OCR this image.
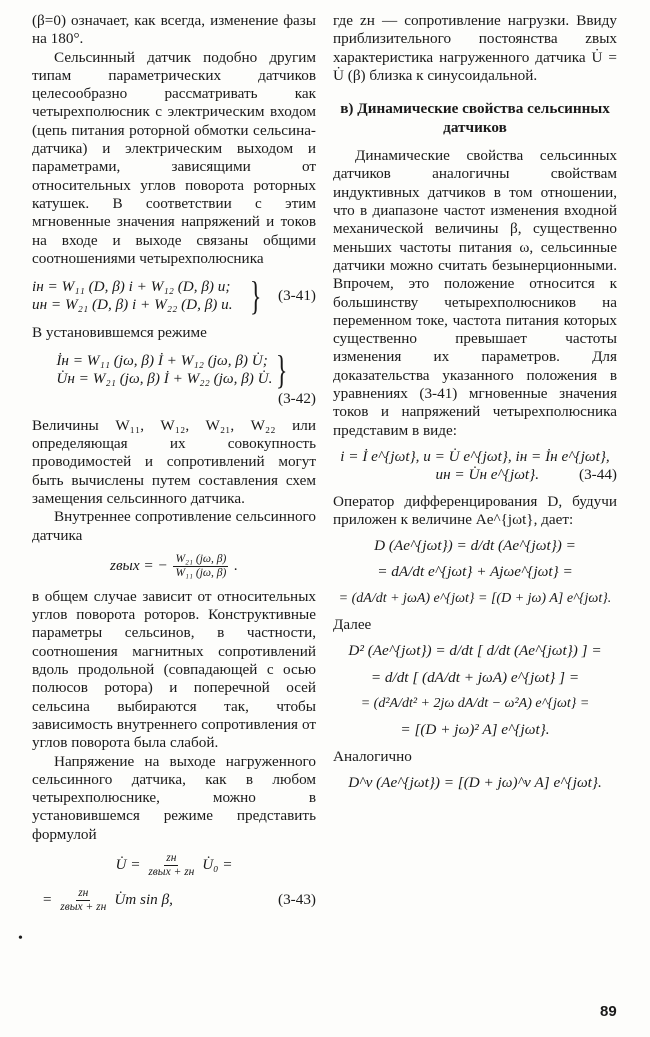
(β=0) означает, как всегда, изменение фазы на 180°.

Сельсинный датчик подобно другим типам параметрических датчиков целесообразно рассматривать как четырехполюсник с электрическим входом (цепь питания роторной обмотки сельсина-датчика) и электрическим выходом и параметрами, зависящими от относительных углов поворота роторных катушек. В соответствии с этим мгновенные значения напряжений и токов на входе и выходе связаны общими соотношениями четырехполюсника

iн = W₁₁ (D, β) i + W₁₂ (D, β) u;
uн = W₂₁ (D, β) i + W₂₂ (D, β) u. } (3-41)

В установившемся режиме

İн = W₁₁ (jω, β) İ + W₁₂ (jω, β) U̇;
U̇н = W₂₁ (jω, β) İ + W₂₂ (jω, β) U̇. }
(3-42)

Величины W₁₁, W₁₂, W₂₁, W₂₂ или определяющая их совокупность проводимостей и сопротивлений могут быть вычислены путем составления схем замещения сельсинного датчика.

Внутреннее сопротивление сельсинного датчика

zвых = − $\frac{\text{W₂₁ (jω, β)}}{\text{W₁₁ (jω, β)}}$ .

в общем случае зависит от относительных углов поворота роторов. Конструктивные параметры сельсинов, в частности, соотношения магнитных сопротивлений вдоль продольной (совпадающей с осью полюсов ротора) и поперечной осей сельсина выбираются так, чтобы зависимость внутреннего сопротивления от углов поворота была слабой.

Напряжение на выходе нагруженного сельсинного датчика, как в любом четырехполюснике, можно в установившемся режиме представить формулой

U̇ = $\frac{zн}{\text{zвых + zн}}$ U̇₀ =
= $\frac{zн}{\text{zвых + zн}}$ U̇m sin β,	(3-43)

где zн — сопротивление нагрузки. Ввиду приблизительного постоянства zвых характеристика нагруженного датчика U̇ = U̇ (β) близка к синусоидальной.

в) Динамические свойства сельсинных датчиков

Динамические свойства сельсинных датчиков аналогичны свойствам индуктивных датчиков в том отношении, что в диапазоне частот изменения входной механической величины β, существенно меньших частоты питания ω, сельсинные датчики можно считать безынерционными. Впрочем, это положение относится к большинству четырехполюсников на переменном токе, частота питания которых существенно превышает частоты изменения их параметров. Для доказательства указанного положения в уравнениях (3-41) мгновенные значения токов и напряжений четырехполюсника представим в виде:

i = İ e^{jωt}, u = U̇ e^{jωt}, iн = İн e^{jωt},
uн = U̇н e^{jωt}.	(3-44)

Оператор дифференцирования D, будучи приложен к величине Ae^{jωt}, дает:

D (Ae^{jωt}) = d/dt (Ae^{jωt}) =
= dA/dt e^{jωt} + Ajωe^{jωt} =
= (dA/dt + jωA) e^{jωt} = [(D + jω) A] e^{jωt}.

Далее

D² (Ae^{jωt}) = d/dt [ d/dt (Ae^{jωt}) ] =
= d/dt [ (dA/dt + jωA) e^{jωt} ] =
= (d²A/dt² + 2jω dA/dt − ω²A) e^{jωt} =
= [(D + jω)² A] e^{jωt}.

Аналогично

D^ν (Ae^{jωt}) = [(D + jω)^ν A] e^{jωt}.
•
89
